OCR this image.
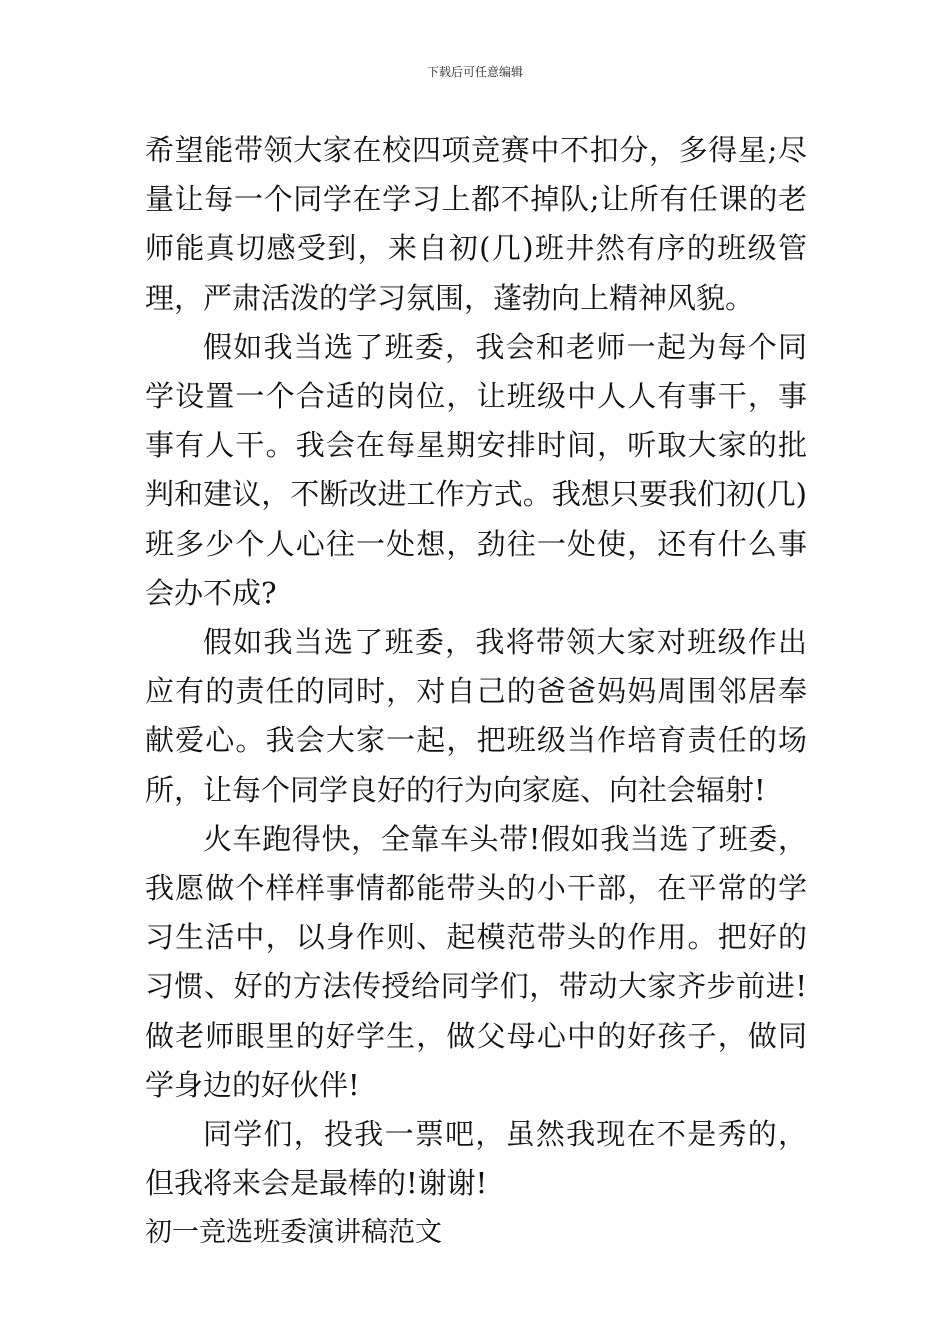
下载后可任意编辑

希望能带领大家在校四项竞赛中不扣分，多得星;尽量让每一个同学在学习上都不掉队;让所有任课的老师能真切感受到，来自初(几)班井然有序的班级管理，严肃活泼的学习氛围，蓬勃向上精神风貌。

假如我当选了班委，我会和老师一起为每个同学设置一个合适的岗位，让班级中人人有事干，事事有人干。我会在每星期安排时间，听取大家的批判和建议，不断改进工作方式。我想只要我们初(几)班多少个人心往一处想，劲往一处使，还有什么事会办不成?

假如我当选了班委，我将带领大家对班级作出应有的责任的同时，对自己的爸爸妈妈周围邻居奉献爱心。我会大家一起，把班级当作培育责任的场所，让每个同学良好的行为向家庭、向社会辐射!

火车跑得快，全靠车头带!假如我当选了班委，我愿做个样样事情都能带头的小干部，在平常的学习生活中，以身作则、起模范带头的作用。把好的习惯、好的方法传授给同学们，带动大家齐步前进!做老师眼里的好学生，做父母心中的好孩子，做同学身边的好伙伴!

同学们，投我一票吧，虽然我现在不是秀的，但我将来会是最棒的!谢谢!

初一竞选班委演讲稿范文
